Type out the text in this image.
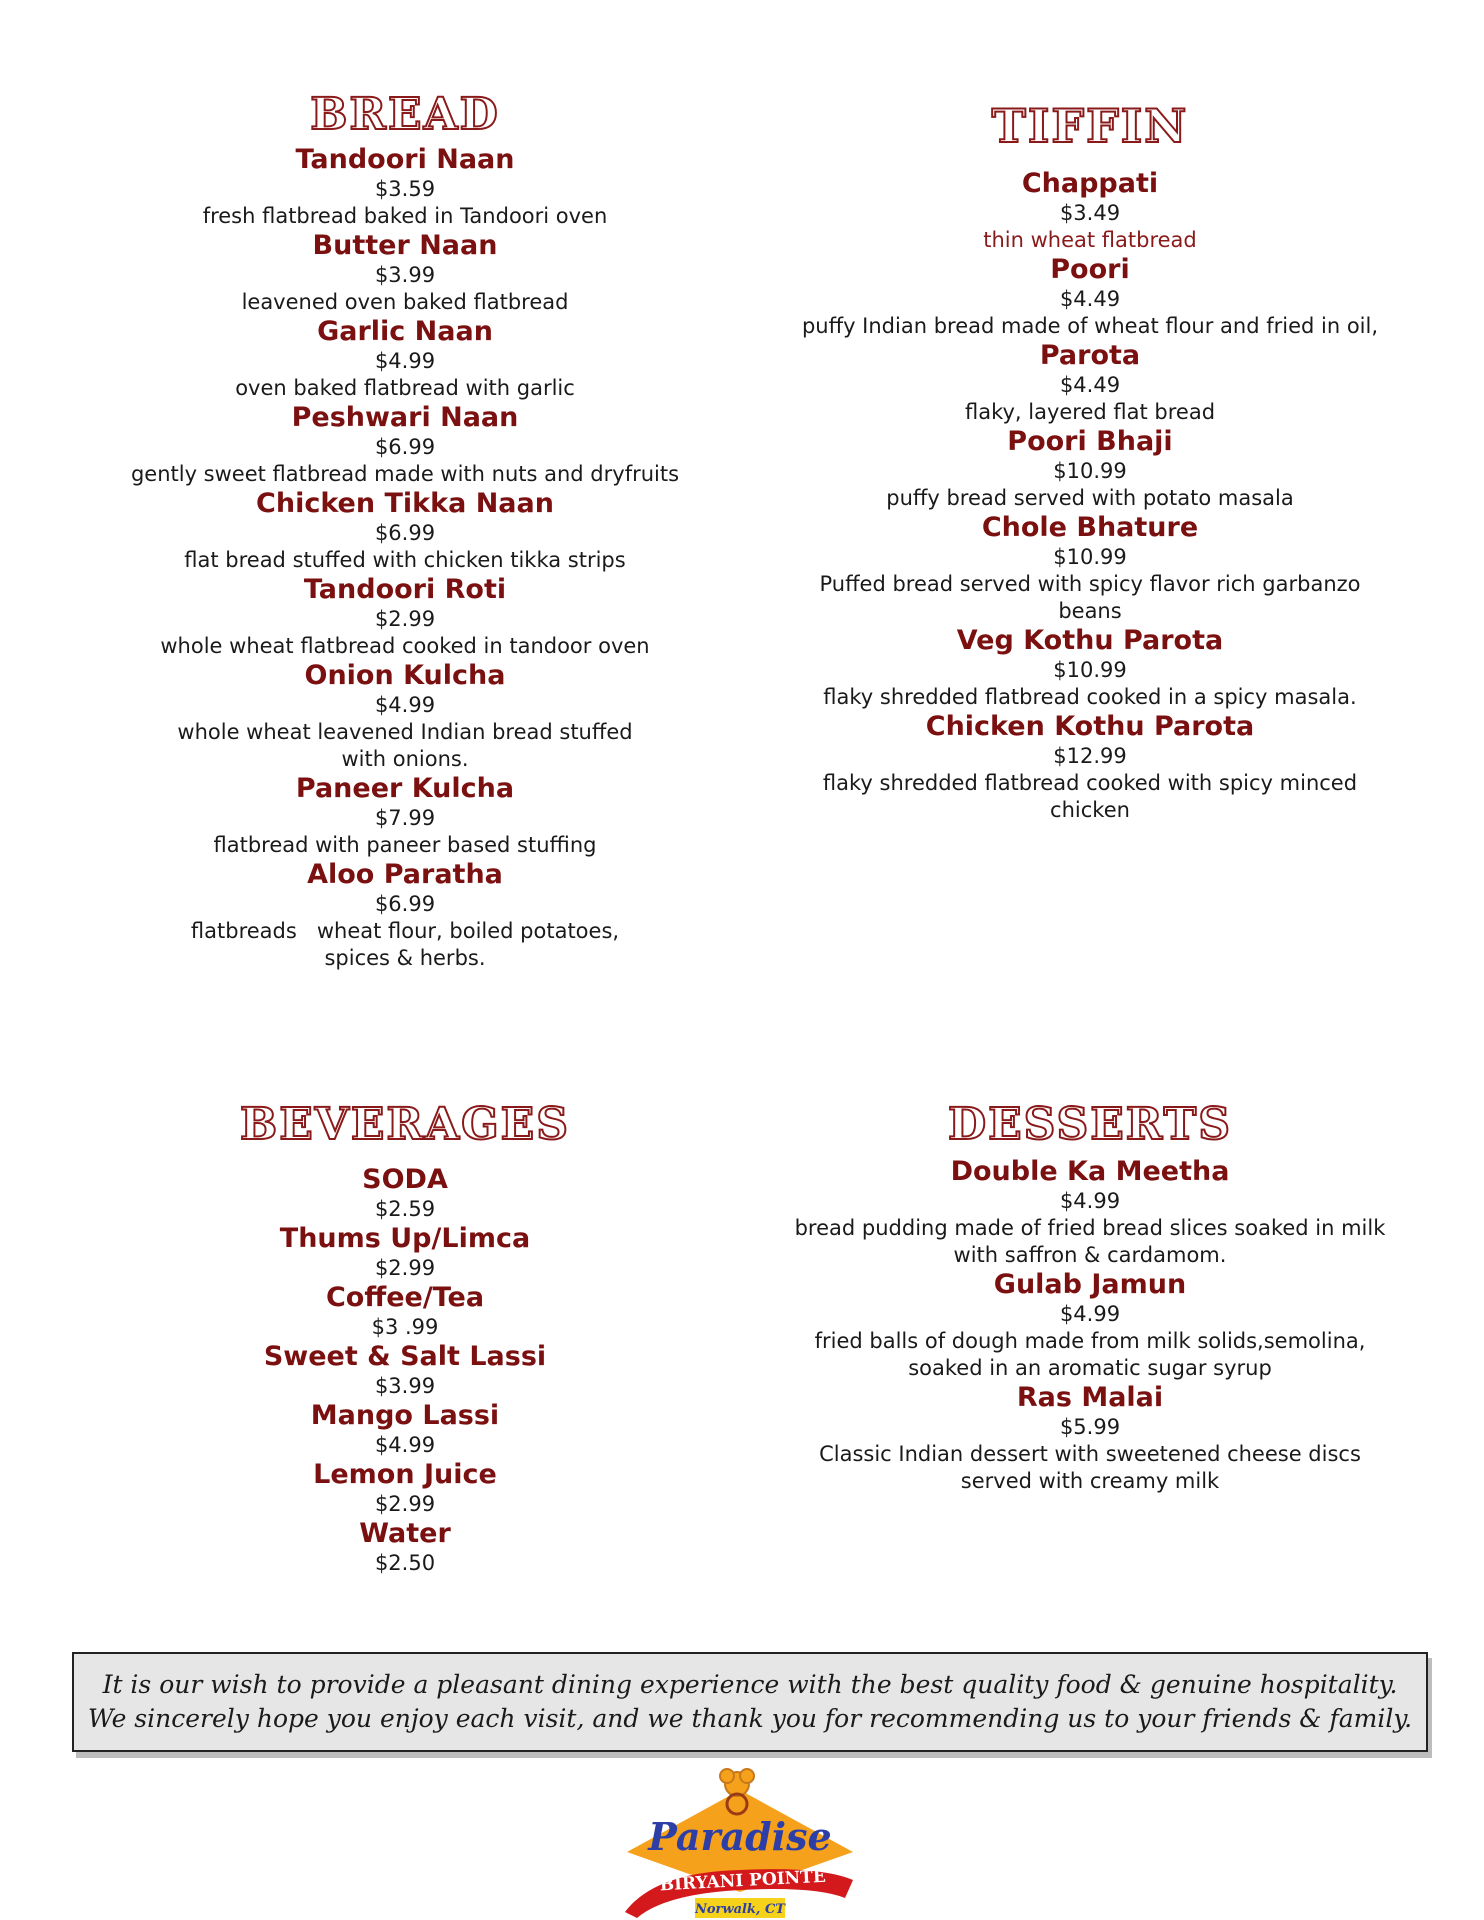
BREAD
Tandoori Naan
$3.59
fresh flatbread baked in Tandoori oven
Butter Naan
$3.99
leavened oven baked flatbread
Garlic Naan
$4.99
oven baked flatbread with garlic
Peshwari Naan
$6.99
gently sweet flatbread made with nuts and dryfruits
Chicken Tikka Naan
$6.99
flat bread stuffed with chicken tikka strips
Tandoori Roti
$2.99
whole wheat flatbread cooked in tandoor oven
Onion Kulcha
$4.99
whole wheat leavened Indian bread stuffed with onions.
Paneer Kulcha
$7.99
flatbread with paneer based stuffing
Aloo Paratha
$6.99
flatbreads   wheat flour, boiled potatoes, spices & herbs.
TIFFIN
Chappati
$3.49
thin wheat flatbread
Poori
$4.49
puffy Indian bread made of wheat flour and fried in oil,
Parota
$4.49
flaky, layered flat bread
Poori Bhaji
$10.99
puffy bread served with potato masala
Chole Bhature
$10.99
Puffed bread served with spicy flavor rich garbanzo beans
Veg Kothu Parota
$10.99
flaky shredded flatbread cooked in a spicy masala.
Chicken Kothu Parota
$12.99
flaky shredded flatbread cooked with spicy minced chicken
BEVERAGES
SODA
$2.59
Thums Up/Limca
$2.99
Coffee/Tea
$3 .99
Sweet & Salt Lassi
$3.99
Mango Lassi
$4.99
Lemon Juice
$2.99
Water
$2.50
DESSERTS
Double Ka Meetha
$4.99
bread pudding made of fried bread slices soaked in milk with saffron & cardamom.
Gulab Jamun
$4.99
fried balls of dough made from milk solids,semolina, soaked in an aromatic sugar syrup
Ras Malai
$5.99
Classic Indian dessert with sweetened cheese discs served with creamy milk
It is our wish to provide a pleasant dining experience with the best quality food & genuine hospitality.
We sincerely hope you enjoy each visit, and we thank you for recommending us to your friends & family.
Paradise
BIRYANI POINTE
Norwalk, CT
